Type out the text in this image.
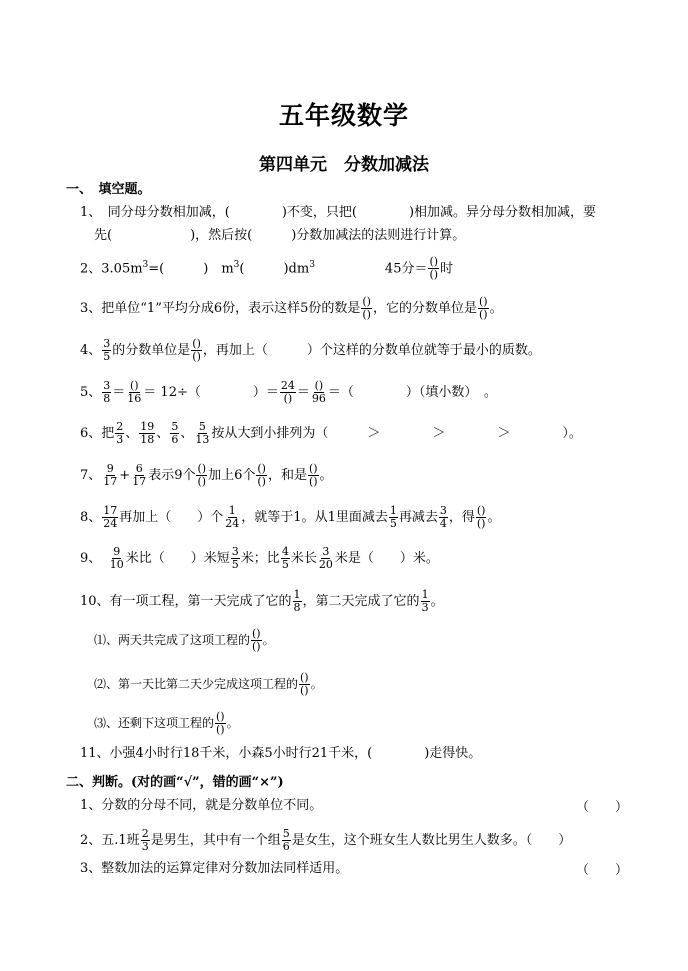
五年级数学
第四单元　分数加减法
一、　填空题。
1、　同分母分数相加减，(　　　　)不变，只把(　　　　)相加减。异分母分数相加减，要
先(　　　　　　)，然后按(　　　)分数加减法的法则进行计算。
2、$3.05m^3=$(　　　)　$m^3$(　　　)$dm^3$	45分＝ ()
() 时
3、把单位“1”平均分成6份，表示这样5份的数是 ()
() ，它的分数单位是 ()
() 。
4、 $\frac{3}{5}$ 的分数单位是 ()
() ，再加上（　　　）个这样的分数单位就等于最小的质数。
5、 $\frac{3}{8}$ ＝ ()
16 ＝ 12÷（　　　　）＝ 24
() ＝ ()
96 ＝（　　　　）（填小数）　。
6、把 $\frac{2}{3}$ 、 $\frac{19}{18}$ 、 $\frac{5}{6}$ 、 $\frac{5}{13}$ 按从大到小排列为（　　　＞　　　　＞　　　　＞　　　　）。
7、 $\frac{9}{17} + \frac{6}{17}$ 表示9个 ()
() 加上6个 ()
() ，和是 ()
() 。
8、 $\frac{17}{24}$ 再加上（　　）个 $\frac{1}{24}$ ，就等于1。从1里面减去 $\frac{1}{5}$ 再减去 $\frac{3}{4}$ ，得 ()
() 。
9、　 $\frac{9}{10}$ 米比（　　）米短 $\frac{3}{5}$ 米；比 $\frac{4}{5}$ 米长 $\frac{3}{20}$ 米是（　　）米。
10、有一项工程，第一天完成了它的 $\frac{1}{8}$ ，第二天完成了它的 $\frac{1}{3}$ 。
⑴、两天共完成了这项工程的 ()
() 。
⑵、第一天比第二天少完成这项工程的 ()
() 。
⑶、还剩下这项工程的 ()
() 。
11、小强4小时行18千米，小森5小时行21千米，(　　　　)走得快。
二、判断。(对的画“√”，错的画“×”)
1、分数的分母不同，就是分数单位不同。	（　　）
2、五.1班 $\frac{2}{3}$ 是男生，其中有一个组 $\frac{5}{6}$ 是女生，这个班女生人数比男生人数多。（　　）
3、整数加法的运算定律对分数加法同样适用。	（　　）
